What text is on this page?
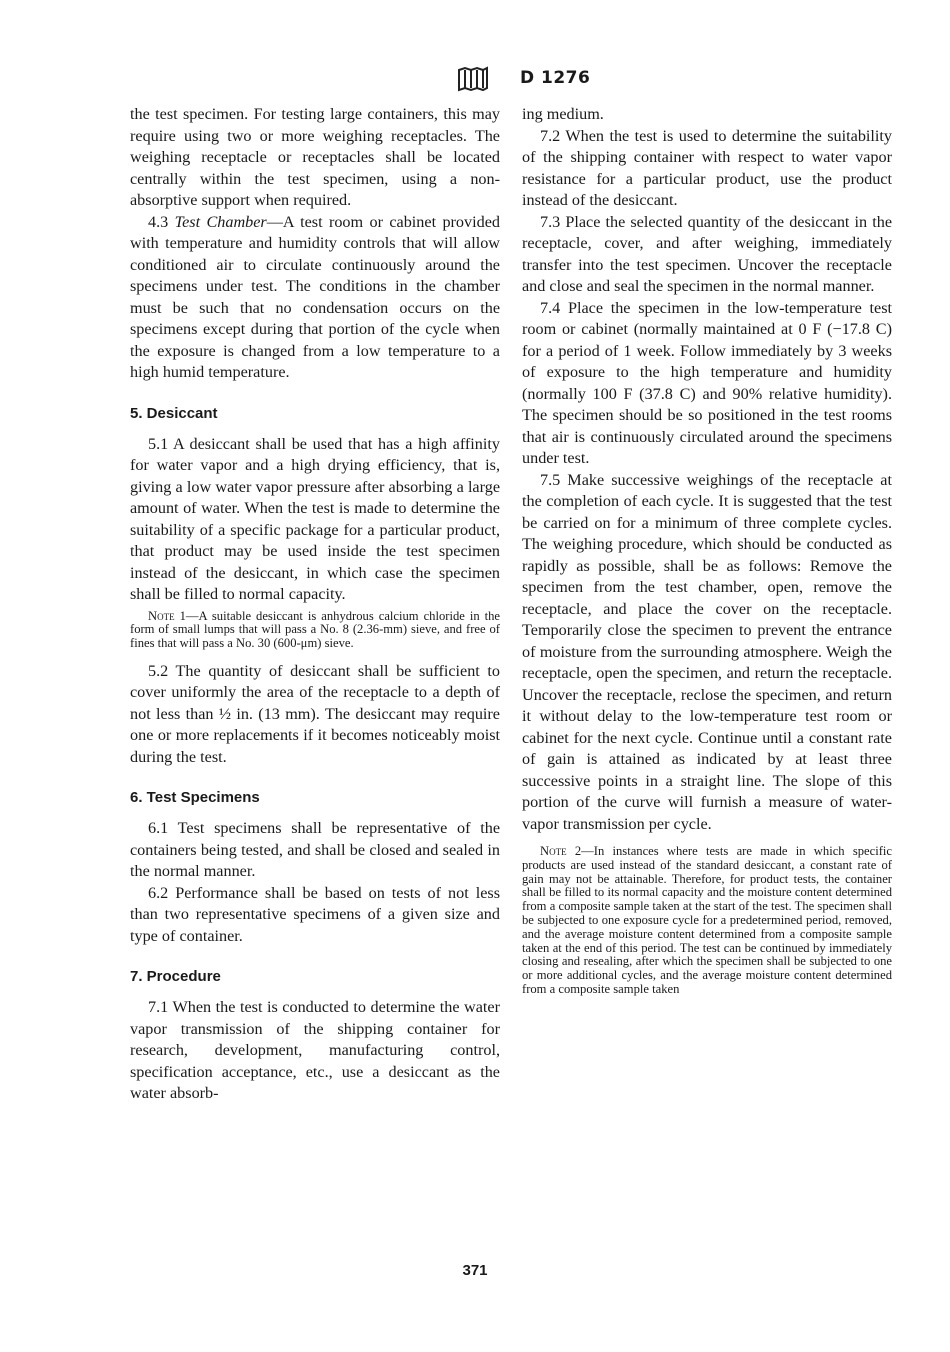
D 1276

the test specimen. For testing large containers, this may require using two or more weighing receptacles. The weighing receptacle or receptacles shall be located centrally within the test specimen, using a non-absorptive support when required.

4.3 Test Chamber—A test room or cabinet provided with temperature and humidity controls that will allow conditioned air to circulate continuously around the specimens under test. The conditions in the chamber must be such that no condensation occurs on the specimens except during that portion of the cycle when the exposure is changed from a low temperature to a high humid temperature.

5. Desiccant

5.1 A desiccant shall be used that has a high affinity for water vapor and a high drying efficiency, that is, giving a low water vapor pressure after absorbing a large amount of water. When the test is made to determine the suitability of a specific package for a particular product, that product may be used inside the test specimen instead of the desiccant, in which case the specimen shall be filled to normal capacity.

Note 1—A suitable desiccant is anhydrous calcium chloride in the form of small lumps that will pass a No. 8 (2.36-mm) sieve, and free of fines that will pass a No. 30 (600-μm) sieve.

5.2 The quantity of desiccant shall be sufficient to cover uniformly the area of the receptacle to a depth of not less than ½ in. (13 mm). The desiccant may require one or more replacements if it becomes noticeably moist during the test.

6. Test Specimens

6.1 Test specimens shall be representative of the containers being tested, and shall be closed and sealed in the normal manner.

6.2 Performance shall be based on tests of not less than two representative specimens of a given size and type of container.

7. Procedure

7.1 When the test is conducted to determine the water vapor transmission of the shipping container for research, development, manufacturing control, specification acceptance, etc., use a desiccant as the water absorb-

ing medium.

7.2 When the test is used to determine the suitability of the shipping container with respect to water vapor resistance for a particular product, use the product instead of the desiccant.

7.3 Place the selected quantity of the desiccant in the receptacle, cover, and after weighing, immediately transfer into the test specimen. Uncover the receptacle and close and seal the specimen in the normal manner.

7.4 Place the specimen in the low-temperature test room or cabinet (normally maintained at 0 F (−17.8 C) for a period of 1 week. Follow immediately by 3 weeks of exposure to the high temperature and humidity (normally 100 F (37.8 C) and 90% relative humidity). The specimen should be so positioned in the test rooms that air is continuously circulated around the specimens under test.

7.5 Make successive weighings of the receptacle at the completion of each cycle. It is suggested that the test be carried on for a minimum of three complete cycles. The weighing procedure, which should be conducted as rapidly as possible, shall be as follows: Remove the specimen from the test chamber, open, remove the receptacle, and place the cover on the receptacle. Temporarily close the specimen to prevent the entrance of moisture from the surrounding atmosphere. Weigh the receptacle, open the specimen, and return the receptacle. Uncover the receptacle, reclose the specimen, and return it without delay to the low-temperature test room or cabinet for the next cycle. Continue until a constant rate of gain is attained as indicated by at least three successive points in a straight line. The slope of this portion of the curve will furnish a measure of water-vapor transmission per cycle.

Note 2—In instances where tests are made in which specific products are used instead of the standard desiccant, a constant rate of gain may not be attainable. Therefore, for product tests, the container shall be filled to its normal capacity and the moisture content determined from a composite sample taken at the start of the test. The specimen shall be subjected to one exposure cycle for a predetermined period, removed, and the average moisture content determined from a composite sample taken at the end of this period. The test can be continued by immediately closing and resealing, after which the specimen shall be subjected to one or more additional cycles, and the average moisture content determined from a composite sample taken
371
